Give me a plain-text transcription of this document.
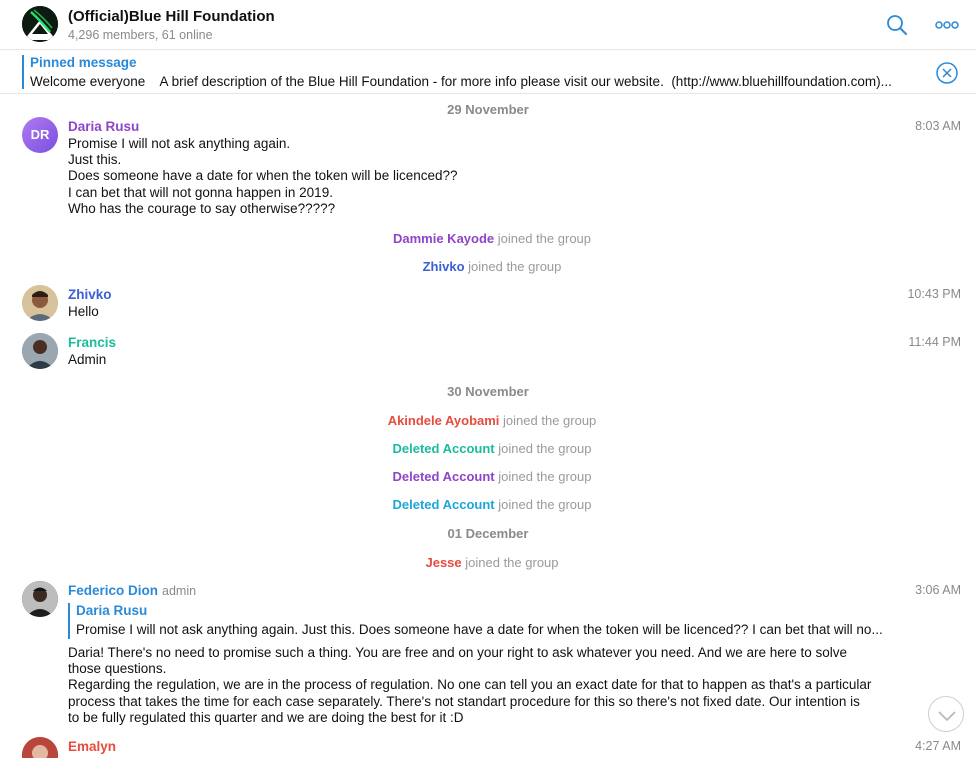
(Official)Blue Hill Foundation
4,296 members, 61 online
Pinned message
Welcome everyone    A brief description of the Blue Hill Foundation - for more info please visit our website.  (http://www.bluehillfoundation.com)...
29 November
DR
Daria Rusu	8:03 AM
Promise I will not ask anything again.
Just this.
Does someone have a date for when the token will be licenced??
I can bet that will not gonna happen in 2019.
Who has the courage to say otherwise?????
Dammie Kayode joined the group
Zhivko joined the group
Zhivko	10:43 PM
Hello
Francis	11:44 PM
Admin
30 November
Akindele Ayobami joined the group
Deleted Account joined the group
Deleted Account joined the group
Deleted Account joined the group
01 December
Jesse joined the group
Federico Dion admin	3:06 AM
Daria Rusu
Promise I will not ask anything again. Just this. Does someone have a date for when the token will be licenced?? I can bet that will no...
Daria! There's no need to promise such a thing. You are free and on your right to ask whatever you need. And we are here to solve
those questions.
Regarding the regulation, we are in the process of regulation. No one can tell you an exact date for that to happen as that's a particular
process that takes the time for each case separately. There's not standart procedure for this so there's not fixed date. Our intention is
to be fully regulated this quarter and we are doing the best for it :D
Emalyn	4:27 AM
